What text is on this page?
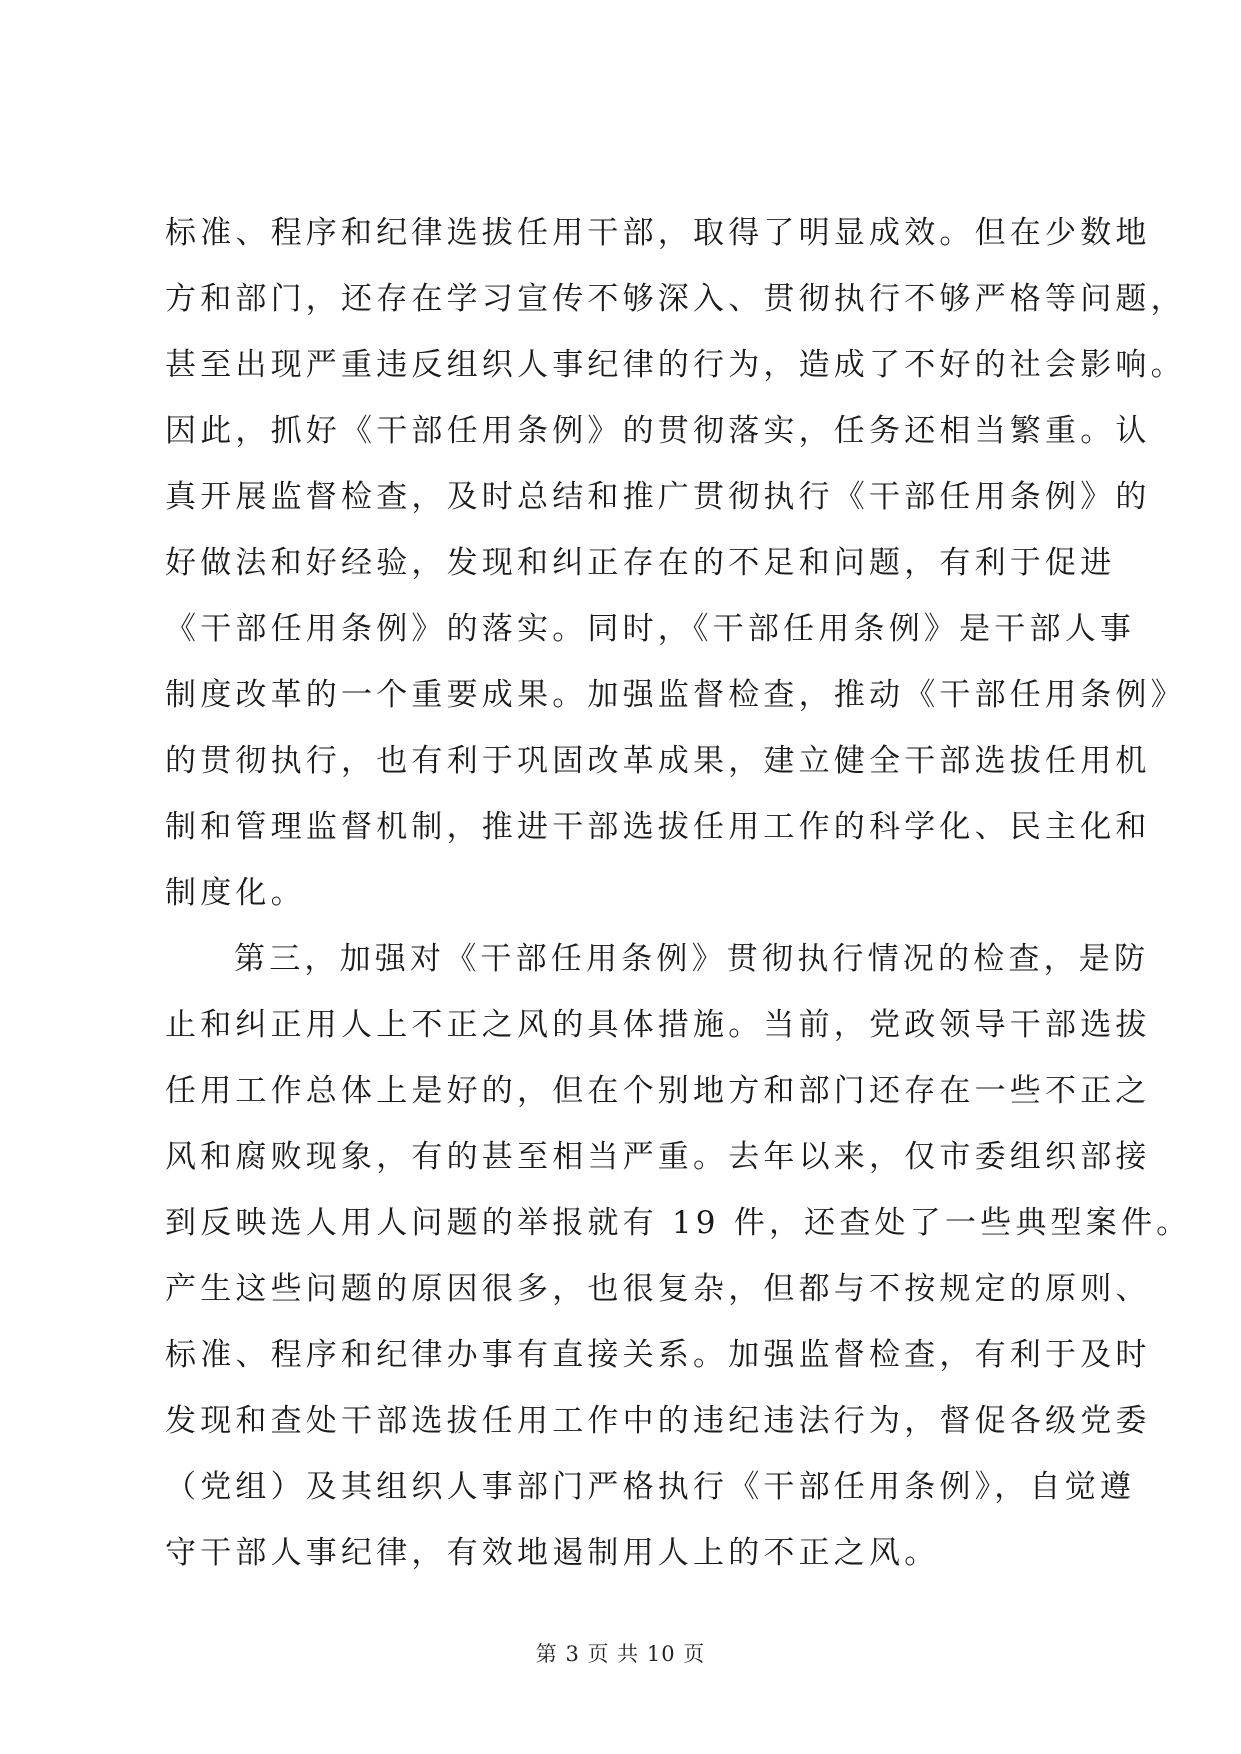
标准、程序和纪律选拔任用干部，取得了明显成效。但在少数地
方和部门，还存在学习宣传不够深入、贯彻执行不够严格等问题，
甚至出现严重违反组织人事纪律的行为，造成了不好的社会影响。
因此，抓好《干部任用条例》的贯彻落实，任务还相当繁重。认
真开展监督检查，及时总结和推广贯彻执行《干部任用条例》的
好做法和好经验，发现和纠正存在的不足和问题，有利于促进
《干部任用条例》的落实。同时，《干部任用条例》是干部人事
制度改革的一个重要成果。加强监督检查，推动《干部任用条例》
的贯彻执行，也有利于巩固改革成果，建立健全干部选拔任用机
制和管理监督机制，推进干部选拔任用工作的科学化、民主化和
制度化。
第三，加强对《干部任用条例》贯彻执行情况的检查，是防
止和纠正用人上不正之风的具体措施。当前，党政领导干部选拔
任用工作总体上是好的，但在个别地方和部门还存在一些不正之
风和腐败现象，有的甚至相当严重。去年以来，仅市委组织部接
到反映选人用人问题的举报就有 19 件，还查处了一些典型案件。
产生这些问题的原因很多，也很复杂，但都与不按规定的原则、
标准、程序和纪律办事有直接关系。加强监督检查，有利于及时
发现和查处干部选拔任用工作中的违纪违法行为，督促各级党委
（党组）及其组织人事部门严格执行《干部任用条例》，自觉遵
守干部人事纪律，有效地遏制用人上的不正之风。
第 3 页 共 10 页
